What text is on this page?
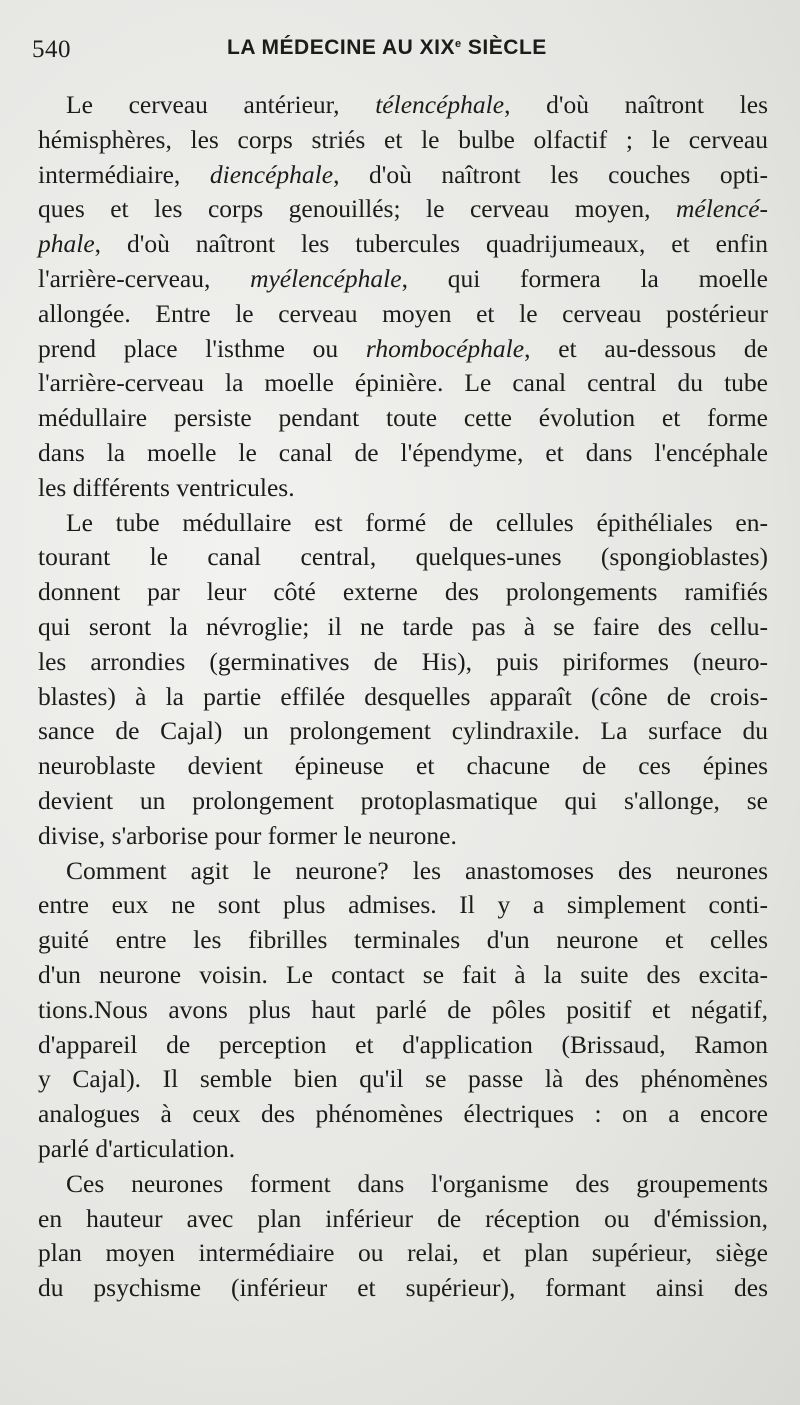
540	LA MÉDECINE AU XIXe SIÈCLE
Le cerveau antérieur, télencéphale, d'où naîtront les
hémisphères, les corps striés et le bulbe olfactif ; le cerveau
intermédiaire, diencéphale, d'où naîtront les couches opti-
ques et les corps genouillés; le cerveau moyen, mélencé-
phale, d'où naîtront les tubercules quadrijumeaux, et enfin
l'arrière-cerveau, myélencéphale, qui formera la moelle
allongée. Entre le cerveau moyen et le cerveau postérieur
prend place l'isthme ou rhombocéphale, et au-dessous de
l'arrière-cerveau la moelle épinière. Le canal central du tube
médullaire persiste pendant toute cette évolution et forme
dans la moelle le canal de l'épendyme, et dans l'encéphale
les différents ventricules.
Le tube médullaire est formé de cellules épithéliales en-
tourant le canal central, quelques-unes (spongioblastes)
donnent par leur côté externe des prolongements ramifiés
qui seront la névroglie; il ne tarde pas à se faire des cellu-
les arrondies (germinatives de His), puis piriformes (neuro-
blastes) à la partie effilée desquelles apparaît (cône de crois-
sance de Cajal) un prolongement cylindraxile. La surface du
neuroblaste devient épineuse et chacune de ces épines
devient un prolongement protoplasmatique qui s'allonge, se
divise, s'arborise pour former le neurone.
Comment agit le neurone? les anastomoses des neurones
entre eux ne sont plus admises. Il y a simplement conti-
guité entre les fibrilles terminales d'un neurone et celles
d'un neurone voisin. Le contact se fait à la suite des excita-
tions.Nous avons plus haut parlé de pôles positif et négatif,
d'appareil de perception et d'application (Brissaud, Ramon
y Cajal). Il semble bien qu'il se passe là des phénomènes
analogues à ceux des phénomènes électriques : on a encore
parlé d'articulation.
Ces neurones forment dans l'organisme des groupements
en hauteur avec plan inférieur de réception ou d'émission,
plan moyen intermédiaire ou relai, et plan supérieur, siège
du psychisme (inférieur et supérieur), formant ainsi des
